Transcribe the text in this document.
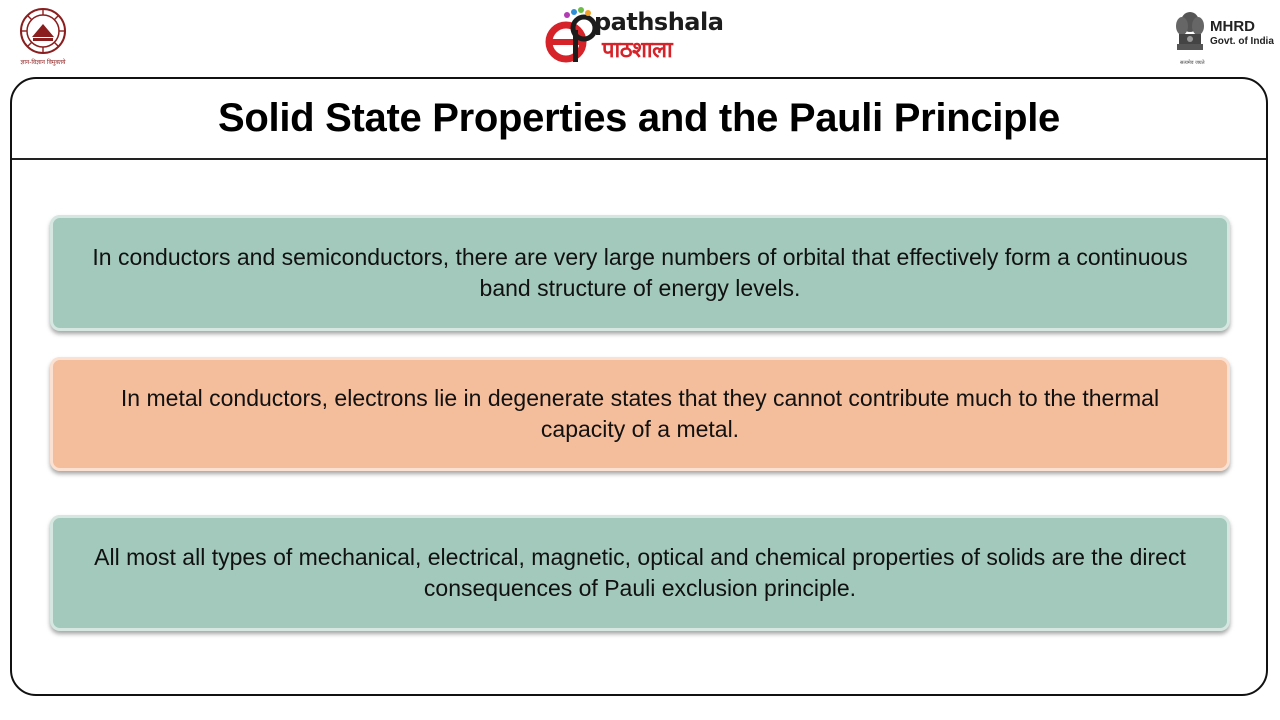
ज्ञान-विज्ञान विमुक्तये
pathshala
पाठशाला
MHRD
Govt. of India
सत्यमेव जयते
Solid State Properties and the Pauli Principle
In conductors and semiconductors, there are very large numbers of orbital that effectively form a continuous band structure of energy levels.
In metal conductors, electrons lie in degenerate states that they cannot contribute much to the thermal capacity of a metal.
All most all types of mechanical, electrical, magnetic, optical and chemical properties of solids are the direct consequences of Pauli exclusion principle.
